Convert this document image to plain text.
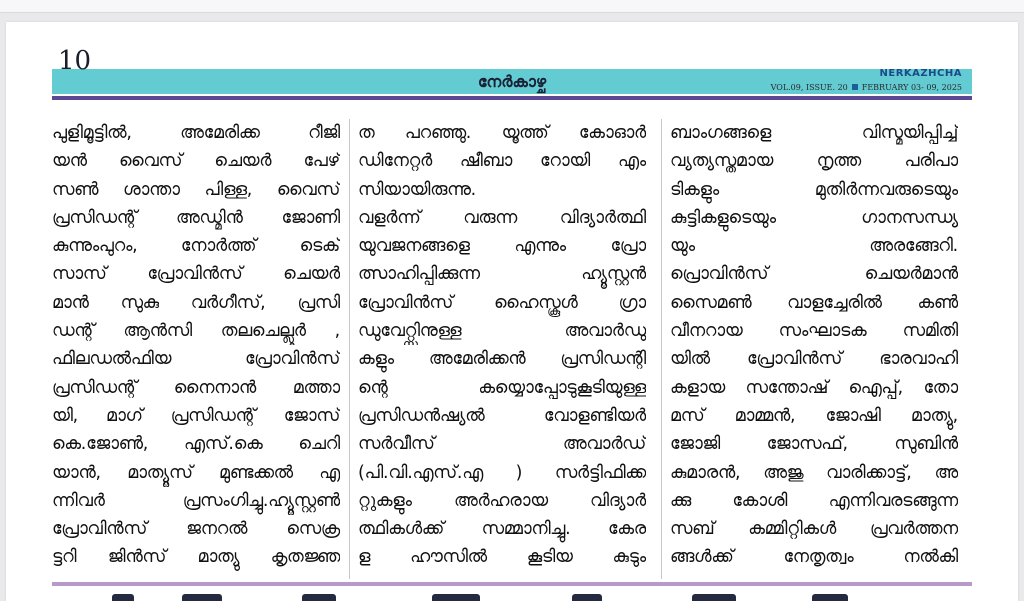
10
നേർകാഴ്ച	NERKAZHCHA
VOL.09, ISSUE. 20 FEBRUARY 03- 09, 2025
പുളിമൂട്ടിൽ, അമേരിക്ക റീജി
യൻ വൈസ് ചെയർ പേഴ്
സൺ ശാന്താ പിള്ള, വൈസ്
പ്രസിഡന്റ് അഡ്മിൻ ജോണി
കുന്നുംപുറം, നോർത്ത് ടെക്
സാസ് പ്രോവിൻസ് ചെയർ
മാൻ സുകു വർഗീസ്, പ്രസി
ഡന്റ് ആൻസി തലചെല്ലൂർ ,
ഫിലഡൽഫിയ പ്രോവിൻസ്
പ്രസിഡന്റ് നൈനാൻ മത്താ
യി, മാഗ് പ്രസിഡന്റ് ജോസ്
കെ.ജോൺ, എസ്.കെ ചെറി
യാൻ, മാത്യൂസ് മുണ്ടക്കൽ എ
ന്നിവർ പ്രസംഗിച്ചു.ഹ്യൂസ്റ്റൺ
പ്രോവിൻസ് ജനറൽ സെക്ര
ട്ടറി ജിൻസ് മാത്യു കൃതജ്ഞ
ത പറഞ്ഞു. യൂത്ത് കോഓർ
ഡിനേറ്റർ ഷീബാ റോയി എം
സിയായിരുന്നു.
വളർന്ന് വരുന്ന വിദ്യാർത്ഥി
യുവജനങ്ങളെ എന്നും പ്രോ
ത്സാഹിപ്പിക്കുന്ന ഹ്യൂസ്റ്റൻ
പ്രോവിൻസ് ഹൈസ്കൂൾ ഗ്രാ
ഡുവേറ്റ്സിനുള്ള അവാർഡു
കളും അമേരിക്കൻ പ്രസിഡന്റി
ന്റെ കയ്യൊപ്പോടുകൂടിയുള്ള
പ്രസിഡൻഷ്യൽ വോളണ്ടിയർ
സർവീസ് അവാർഡ്
(പി.വി.എസ്.എ ) സർട്ടിഫിക്ക
റ്റുകളും അർഹരായ വിദ്യാർ
ത്ഥികൾക്ക് സമ്മാനിച്ചു. കേര
ള ഹൗസിൽ കൂടിയ കുടും
ബാംഗങ്ങളെ വിസ്മയിപ്പിച്ച്
വ്യത്യസ്തമായ നൃത്ത പരിപാ
ടികളും മുതിർന്നവരുടെയും
കുട്ടികളുടെയും ഗാനസന്ധ്യ
യും അരങ്ങേറി.
പ്രൊവിൻസ് ചെയർമാൻ
സൈമൺ വാളച്ചേരിൽ കൺ
വീനറായ സംഘാടക സമിതി
യിൽ പ്രോവിൻസ് ഭാരവാഹി
കളായ സന്തോഷ് ഐപ്പ്, തോ
മസ് മാമ്മൻ, ജോഷി മാത്യു,
ജോജി ജോസഫ്, സുബിൻ
കുമാരൻ, അജു വാരിക്കാട്ട്, അ
ക്കു കോശി എന്നിവരടങ്ങുന്ന
സബ് കമ്മിറ്റികൾ പ്രവർത്തന
ങ്ങൾക്ക് നേതൃത്വം നൽകി
